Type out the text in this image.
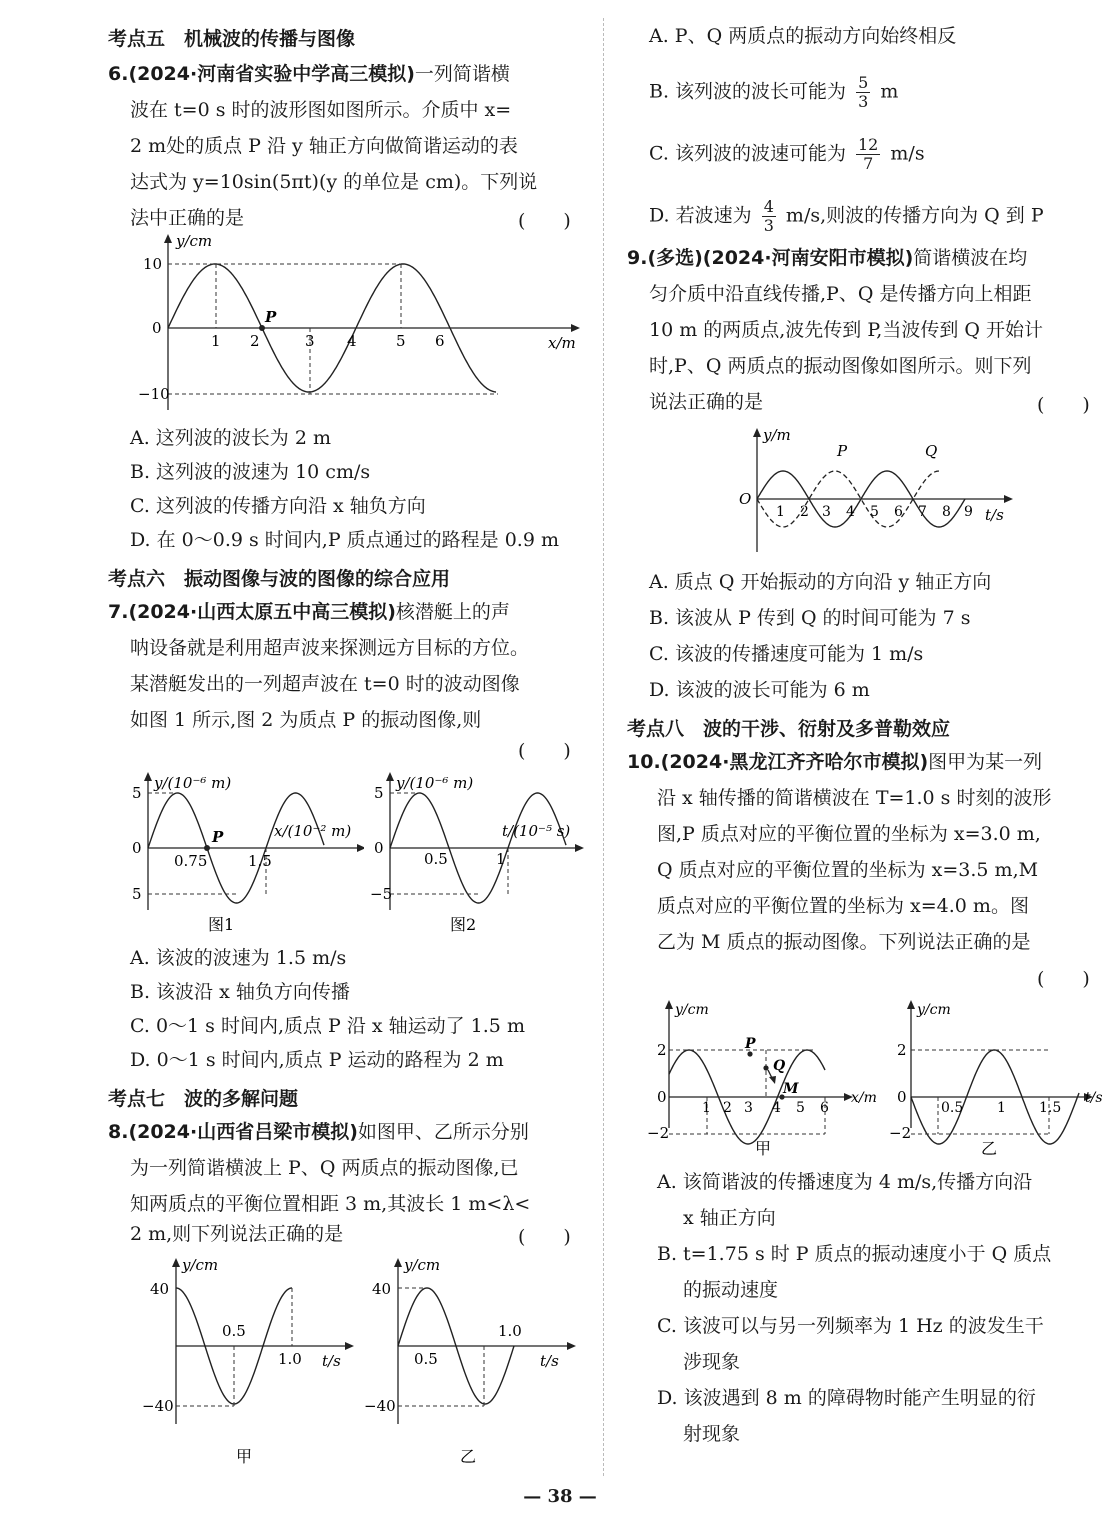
考点五　机械波的传播与图像
6.(2024·河南省实验中学高三模拟)一列简谐横
波在 t=0 s 时的波形图如图所示。介质中 x=
2 m处的质点 P 沿 y 轴正方向做简谐运动的表
达式为 y=10sin(5πt)(y 的单位是 cm)。下列说
法中正确的是	(　　)
y/cm
x/m
10
−10
0
1 2	3 4	5 6
P
A. 这列波的波长为 2 m
B. 这列波的波速为 10 cm/s
C. 这列波的传播方向沿 x 轴负方向
D. 在 0～0.9 s 时间内,P 质点通过的路程是 0.9 m
考点六　振动图像与波的图像的综合应用
7.(2024·山西太原五中高三模拟)核潜艇上的声
呐设备就是利用超声波来探测远方目标的方位。
某潜艇发出的一列超声波在 t=0 时的波动图像
如图 1 所示,图 2 为质点 P 的振动图像,则
(　　)
y/(10⁻⁶ m)
x/(10⁻² m)
5
5
0
0.75	1.5
P
图1
y/(10⁻⁶ m)
t/(10⁻⁵ s)
5
−5
0
0.5	1
图2
A. 该波的波速为 1.5 m/s
B. 该波沿 x 轴负方向传播
C. 0～1 s 时间内,质点 P 沿 x 轴运动了 1.5 m
D. 0～1 s 时间内,质点 P 运动的路程为 2 m
考点七　波的多解问题
8.(2024·山西省吕梁市模拟)如图甲、乙所示分别
为一列简谐横波上 P、Q 两质点的振动图像,已
知两质点的平衡位置相距 3 m,其波长 1 m<λ<
2 m,则下列说法正确的是	(　　)
y/cm
t/s
40
−40
0.5
1.0
甲
y/cm
t/s
40
−40
0.5
1.0
乙
A. P、Q 两质点的振动方向始终相反
B. 该列波的波长可能为 $\frac{5}{3}$ m
C. 该列波的波速可能为 $\frac{12}{7} m/s$
D. 若波速为 $\frac{4}{3} m/s$,则波的传播方向为 Q 到 P
9.(多选)(2024·河南安阳市模拟)简谐横波在均
匀介质中沿直线传播,P、Q 是传播方向上相距
10 m 的两质点,波先传到 P,当波传到 Q 开始计
时,P、Q 两质点的振动图像如图所示。则下列
说法正确的是	(　　)
y/m
t/s
O
1 2 3 4 5 6 7 8 9
P	Q
A. 质点 Q 开始振动的方向沿 y 轴正方向
B. 该波从 P 传到 Q 的时间可能为 7 s
C. 该波的传播速度可能为 1 m/s
D. 该波的波长可能为 6 m
考点八　波的干涉、衍射及多普勒效应
10.(2024·黑龙江齐齐哈尔市模拟)图甲为某一列
沿 x 轴传播的简谐横波在 T=1.0 s 时刻的波形
图,P 质点对应的平衡位置的坐标为 x=3.0 m,
Q 质点对应的平衡位置的坐标为 x=3.5 m,M
质点对应的平衡位置的坐标为 x=4.0 m。图
乙为 M 质点的振动图像。下列说法正确的是
(　　)
y/cm
x/m
2
−2
0
1 2 3 4 5 6
P
Q
M
甲
y/cm
t/s
2
−2
0
0.5 1 1.5
乙
A. 该简谐波的传播速度为 4 m/s,传播方向沿
x 轴正方向
B. t=1.75 s 时 P 质点的振动速度小于 Q 质点
的振动速度
C. 该波可以与另一列频率为 1 Hz 的波发生干
涉现象
D. 该波遇到 8 m 的障碍物时能产生明显的衍
射现象
— 38 —
